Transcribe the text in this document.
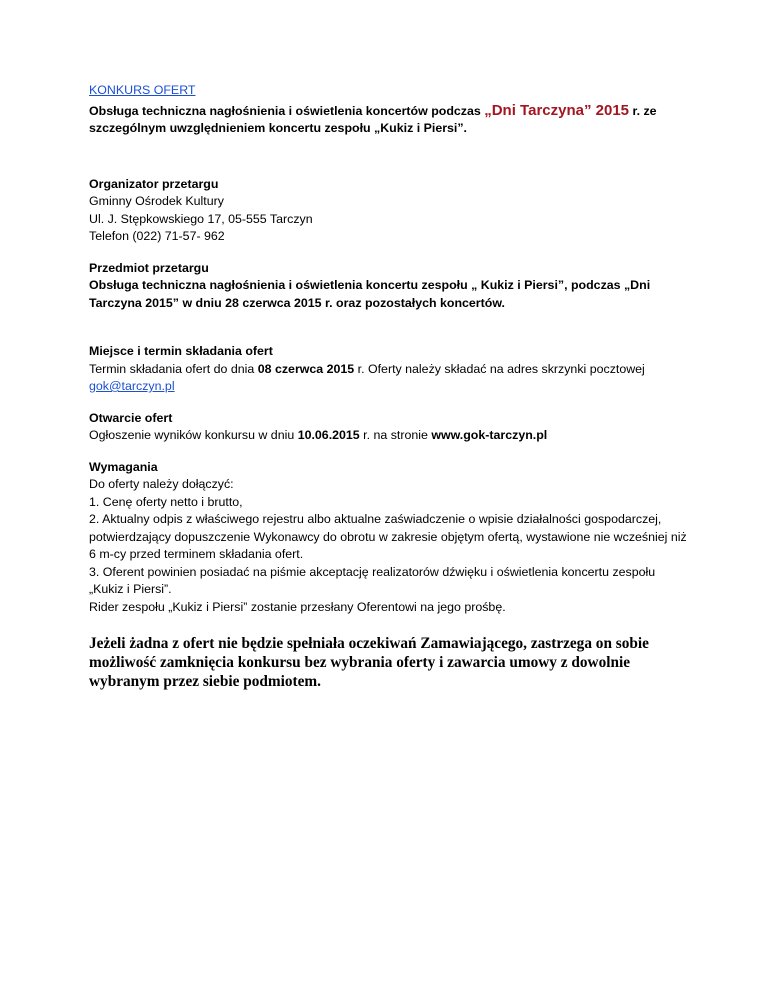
KONKURS OFERT
Obsługa techniczna nagłośnienia i oświetlenia koncertów podczas „Dni Tarczyna” 2015 r. ze szczególnym uwzględnieniem koncertu zespołu „Kukiz i Piersi”.
Organizator przetargu

Gminny Ośrodek Kultury

Ul. J. Stępkowskiego 17, 05-555 Tarczyn

Telefon (022) 71-57- 962

Przedmiot przetargu

Obsługa techniczna nagłośnienia i oświetlenia koncertu zespołu „ Kukiz i Piersi”, podczas „Dni Tarczyna 2015” w dniu 28 czerwca 2015 r. oraz pozostałych koncertów.

Miejsce i termin składania ofert

Termin składania ofert do dnia 08 czerwca 2015 r. Oferty należy składać na adres skrzynki pocztowej gok@tarczyn.pl

Otwarcie ofert

Ogłoszenie wyników konkursu w dniu 10.06.2015 r. na stronie www.gok-tarczyn.pl

Wymagania

Do oferty należy dołączyć:

1. Cenę oferty netto i brutto,

2. Aktualny odpis z właściwego rejestru albo aktualne zaświadczenie o wpisie działalności gospodarczej, potwierdzający dopuszczenie Wykonawcy do obrotu w zakresie objętym ofertą, wystawione nie wcześniej niż 6 m-cy przed terminem składania ofert.

3. Oferent powinien posiadać na piśmie akceptację realizatorów dźwięku i oświetlenia koncertu zespołu „Kukiz i Piersi”.

Rider zespołu „Kukiz i Piersi” zostanie przesłany Oferentowi na jego prośbę.

Jeżeli żadna z ofert nie będzie spełniała oczekiwań Zamawiającego, zastrzega on sobie możliwość zamknięcia konkursu bez wybrania oferty i zawarcia umowy z dowolnie wybranym przez siebie podmiotem.
